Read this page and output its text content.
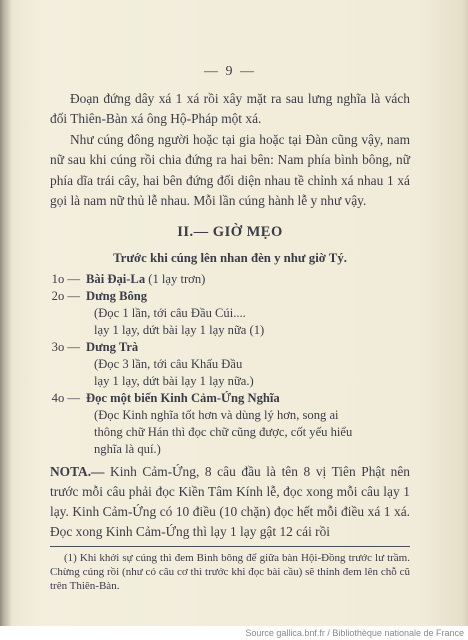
— 9 —

Đoạn đứng dây xá 1 xá rồi xây mặt ra sau lưng nghĩa là vách đối Thiên-Bàn xá ông Hộ-Pháp một xá.

Như cúng đông người hoặc tại gia hoặc tại Đàn cũng vậy, nam nữ sau khi cúng rồi chia đứng ra hai bên: Nam phía bình bông, nữ phía dĩa trái cây, hai bên đứng đối diện nhau tề chỉnh xá nhau 1 xá gọi là nam nữ thủ lễ nhau. Mỗi lần cúng hành lễ y như vậy.

II.— GIỜ MẸO
Trước khi cúng lên nhan đèn y như giờ Tý.
1o — Bài Đại-La (1 lạy trơn)
2o — Dưng Bông
(Đọc 1 lần, tới câu Đầu Cúi....
lạy 1 lạy, dứt bài lạy 1 lạy nữa (1)
3o — Dưng Trà
(Đọc 3 lần, tới câu Khấu Đầu
lạy 1 lạy, dứt bài lạy 1 lạy nữa.)
4o — Đọc một biến Kinh Cảm-Ứng Nghĩa
(Đọc Kinh nghĩa tốt hơn và dùng lý hơn, song ai
thông chữ Hán thì đọc chữ cũng được, cốt yếu hiểu
nghĩa là quí.)

NOTA.— Kinh Cảm-Ứng, 8 câu đầu là tên 8 vị Tiên Phật nên trước mỗi câu phải đọc Kiền Tâm Kính lễ, đọc xong mỗi câu lạy 1 lạy. Kinh Cảm-Ứng có 10 điều (10 chặn) đọc hết mỗi điều xá 1 xá. Đọc xong Kinh Cảm-Ứng thì lạy 1 lạy gật 12 cái rồi

(1) Khi khởi sự cúng thì đem Bình bông để giữa bàn Hội-Đồng trước lư trầm. Chừng cúng rồi (như có câu cơ thì trước khi đọc bài cầu) sẽ thỉnh đem lên chỗ cũ trên Thiên-Bàn.

Source gallica.bnf.fr / Bibliothèque nationale de France
